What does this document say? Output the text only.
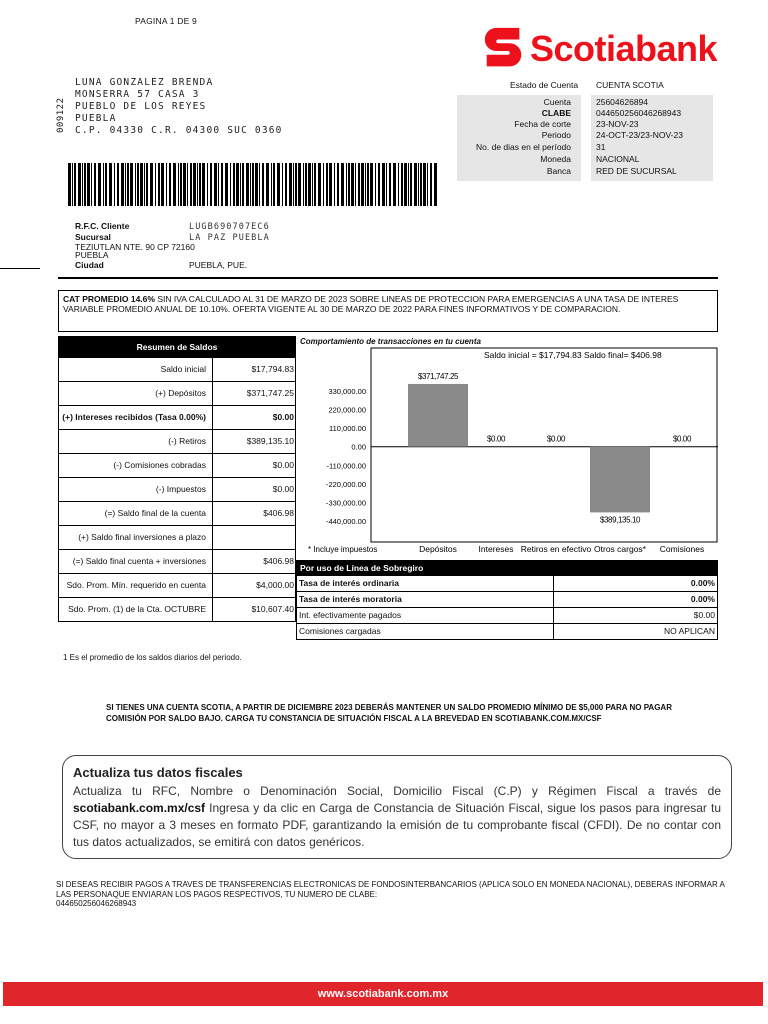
PAGINA 1 DE 9
Scotiabank
009122
LUNA GONZALEZ BRENDA
MONSERRA 57 CASA 3
PUEBLO DE LOS REYES
PUEBLA
C.P. 04330 C.R. 04300 SUC 0360
Estado de Cuenta CUENTA SCOTIA
Cuenta	25604626894
CLABE	044650256046268943
Fecha de corte	23-NOV-23
Periodo	24-OCT-23/23-NOV-23
No. de dias en el período	31
Moneda	NACIONAL
Banca	RED DE SUCURSAL
R.F.C. Cliente	LUGB690707EC6
Sucursal	LA PAZ PUEBLA
TEZIUTLAN NTE. 90 CP 72160
PUEBLA
Ciudad	PUEBLA, PUE.
CAT PROMEDIO 14.6% SIN IVA CALCULADO AL 31 DE MARZO DE 2023 SOBRE LINEAS DE PROTECCION PARA EMERGENCIAS A UNA TASA DE INTERES VARIABLE PROMEDIO ANUAL DE 10.10%. OFERTA VIGENTE AL 30 DE MARZO DE 2022 PARA FINES INFORMATIVOS Y DE COMPARACION.
Resumen de Saldos
Saldo inicial	$17,794.83
(+) Depósitos	$371,747.25
(+) Intereses recibidos (Tasa 0.00%)	$0.00
(-) Retiros	$389,135.10
(-) Comisiones cobradas	$0.00
(-) Impuestos	$0.00
(=) Saldo final de la cuenta	$406.98
(+) Saldo final inversiones a plazo
(=) Saldo final cuenta + inversiones	$406.98
Sdo. Prom. Mín. requerido en cuenta	$4,000.00
Sdo. Prom. (1) de la Cta. OCTUBRE	$10,607.40
Comportamiento de transacciones en tu cuenta
Saldo inicial = $17,794.83 Saldo final= $406.98
330,000.00
220,000.00
110,000.00
0.00
-110,000.00
-220,000.00
-330,000.00
-440,000.00
$371,747.25
Depósitos
$0.00
Intereses
$0.00
Retiros en efectivo
$389,135.10
Otros cargos*
$0.00
Comisiones
* Incluye impuestos
Por uso de Línea de Sobregiro
Tasa de interés ordinaria	0.00%
Tasa de interés moratoria	0.00%
Int. efectivamente pagados	$0.00
Comisiones cargadas	NO APLICAN
1 Es el promedio de los saldos diarios del periodo.
SI TIENES UNA CUENTA SCOTIA, A PARTIR DE DICIEMBRE 2023 DEBERÁS MANTENER UN SALDO PROMEDIO MÍNIMO DE $5,000 PARA NO PAGAR COMISIÓN POR SALDO BAJO. CARGA TU CONSTANCIA DE SITUACIÓN FISCAL A LA BREVEDAD EN SCOTIABANK.COM.MX/CSF
Actualiza tus datos fiscales
Actualiza tu RFC, Nombre o Denominación Social, Domicilio Fiscal (C.P) y Régimen Fiscal a través de scotiabank.com.mx/csf Ingresa y da clic en Carga de Constancia de Situación Fiscal, sigue los pasos para ingresar tu CSF, no mayor a 3 meses en formato PDF, garantizando la emisión de tu comprobante fiscal (CFDI). De no contar con tus datos actualizados, se emitirá con datos genéricos.
SI DESEAS RECIBIR PAGOS A TRAVES DE TRANSFERENCIAS ELECTRONICAS DE FONDOSINTERBANCARIOS (APLICA SOLO EN MONEDA NACIONAL), DEBERAS INFORMAR A LAS PERSONAQUE ENVIARAN LOS PAGOS RESPECTIVOS, TU NUMERO DE CLABE:
044650256046268943
www.scotiabank.com.mx
